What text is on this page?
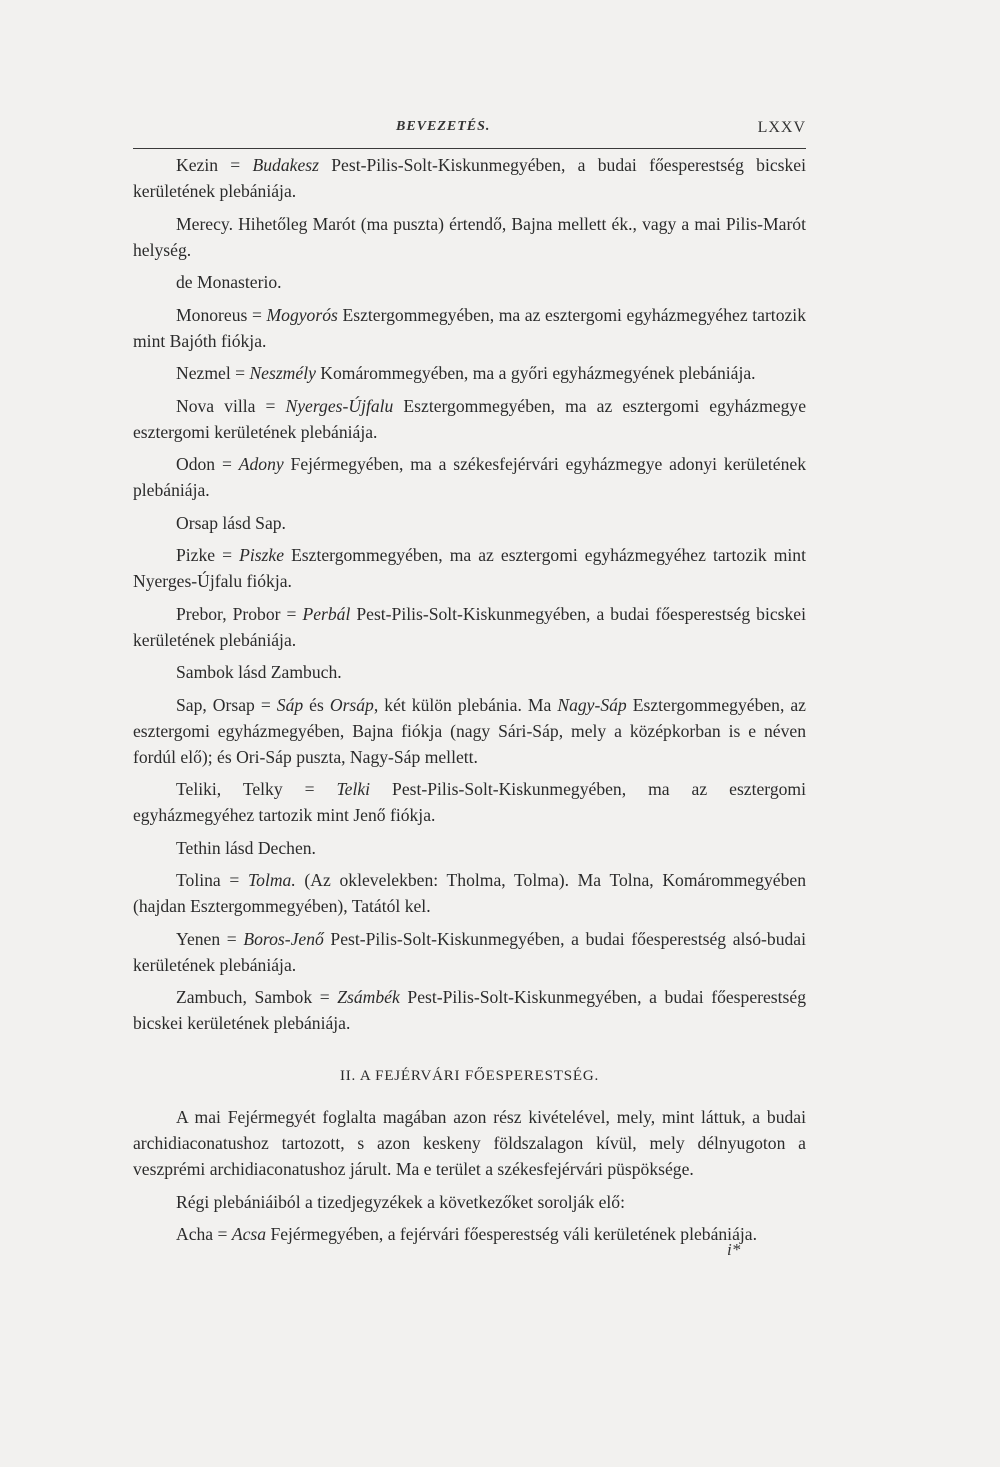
BEVEZETÉS.	LXXV

Kezin = Budakesz Pest-Pilis-Solt-Kiskunmegyében, a budai főesperestség bicskei kerületének plebániája.

Merecy. Hihetőleg Marót (ma puszta) értendő, Bajna mellett ék., vagy a mai Pilis-Marót helység.

de Monasterio.

Monoreus = Mogyorós Esztergommegyében, ma az esztergomi egyházmegyéhez tartozik mint Bajóth fiókja.

Nezmel = Neszmély Komárommegyében, ma a győri egyházmegyének plebániája.

Nova villa = Nyerges-Újfalu Esztergommegyében, ma az esztergomi egyházmegye esztergomi kerületének plebániája.

Odon = Adony Fejérmegyében, ma a székesfejérvári egyházmegye adonyi kerületének plebániája.

Orsap lásd Sap.

Pizke = Piszke Esztergommegyében, ma az esztergomi egyházmegyéhez tartozik mint Nyerges-Újfalu fiókja.

Prebor, Probor = Perbál Pest-Pilis-Solt-Kiskunmegyében, a budai főesperestség bicskei kerületének plebániája.

Sambok lásd Zambuch.

Sap, Orsap = Sáp és Orsáp, két külön plebánia. Ma Nagy-Sáp Esztergommegyében, az esztergomi egyházmegyében, Bajna fiókja (nagy Sári-Sáp, mely a középkorban is e néven fordúl elő); és Ori-Sáp puszta, Nagy-Sáp mellett.

Teliki, Telky = Telki Pest-Pilis-Solt-Kiskunmegyében, ma az esztergomi egyházmegyéhez tartozik mint Jenő fiókja.

Tethin lásd Dechen.

Tolina = Tolma. (Az oklevelekben: Tholma, Tolma). Ma Tolna, Komárommegyében (hajdan Esztergommegyében), Tatától kel.

Yenen = Boros-Jenő Pest-Pilis-Solt-Kiskunmegyében, a budai főesperestség alsó-budai kerületének plebániája.

Zambuch, Sambok = Zsámbék Pest-Pilis-Solt-Kiskunmegyében, a budai főesperestség bicskei kerületének plebániája.

II. A FEJÉRVÁRI FŐESPERESTSÉG.

A mai Fejérmegyét foglalta magában azon rész kivételével, mely, mint láttuk, a budai archidiaconatushoz tartozott, s azon keskeny földszalagon kívül, mely délnyugoton a veszprémi archidiaconatushoz járult. Ma e terület a székesfejérvári püspöksége.

Régi plebániáiból a tizedjegyzékek a következőket sorolják elő:

Acha = Acsa Fejérmegyében, a fejérvári főesperestség váli kerületének plebániája.

i*
